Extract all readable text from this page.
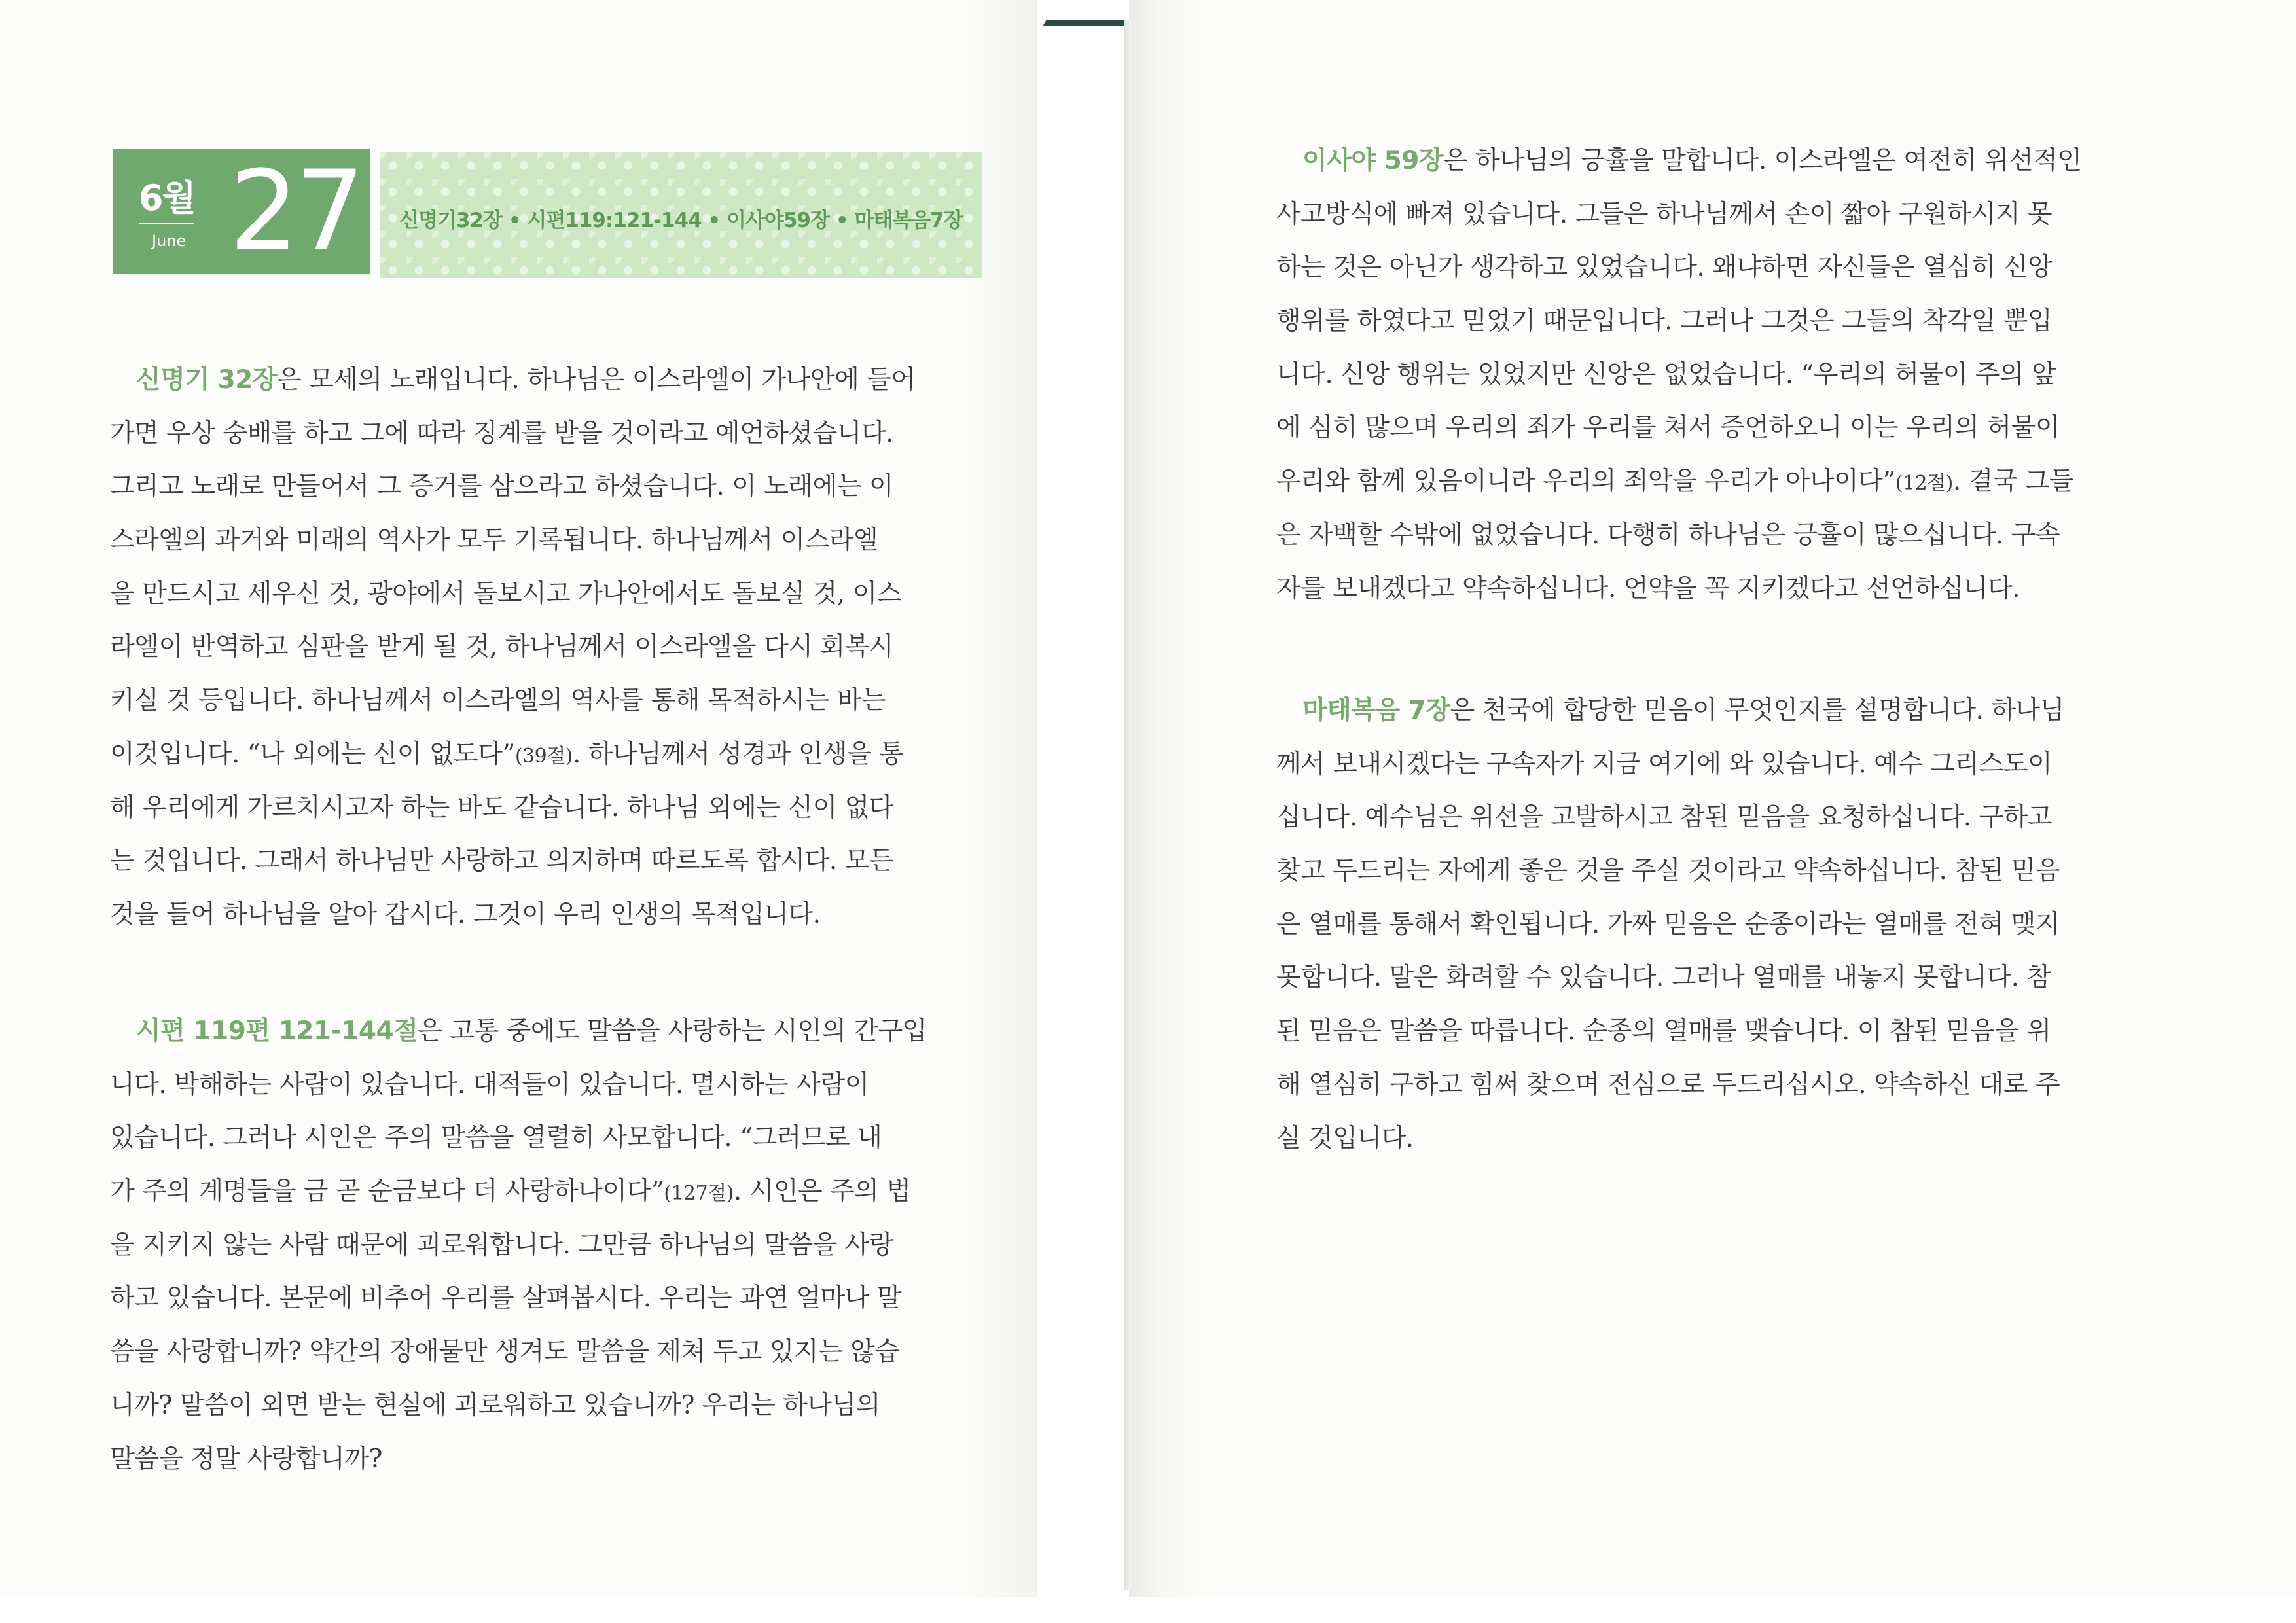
6월
June 27 신명기32장 • 시편119:121-144 • 이사야59장 • 마태복음7장
신명기 32장은 모세의 노래입니다. 하나님은 이스라엘이 가나안에 들어
가면 우상 숭배를 하고 그에 따라 징계를 받을 것이라고 예언하셨습니다.
그리고 노래로 만들어서 그 증거를 삼으라고 하셨습니다. 이 노래에는 이
스라엘의 과거와 미래의 역사가 모두 기록됩니다. 하나님께서 이스라엘
을 만드시고 세우신 것, 광야에서 돌보시고 가나안에서도 돌보실 것, 이스
라엘이 반역하고 심판을 받게 될 것, 하나님께서 이스라엘을 다시 회복시
키실 것 등입니다. 하나님께서 이스라엘의 역사를 통해 목적하시는 바는
이것입니다. “나 외에는 신이 없도다”(39절). 하나님께서 성경과 인생을 통
해 우리에게 가르치시고자 하는 바도 같습니다. 하나님 외에는 신이 없다
는 것입니다. 그래서 하나님만 사랑하고 의지하며 따르도록 합시다. 모든
것을 들어 하나님을 알아 갑시다. 그것이 우리 인생의 목적입니다.
시편 119편 121-144절은 고통 중에도 말씀을 사랑하는 시인의 간구입
니다. 박해하는 사람이 있습니다. 대적들이 있습니다. 멸시하는 사람이
있습니다. 그러나 시인은 주의 말씀을 열렬히 사모합니다. “그러므로 내
가 주의 계명들을 금 곧 순금보다 더 사랑하나이다”(127절). 시인은 주의 법
을 지키지 않는 사람 때문에 괴로워합니다. 그만큼 하나님의 말씀을 사랑
하고 있습니다. 본문에 비추어 우리를 살펴봅시다. 우리는 과연 얼마나 말
씀을 사랑합니까? 약간의 장애물만 생겨도 말씀을 제쳐 두고 있지는 않습
니까? 말씀이 외면 받는 현실에 괴로워하고 있습니까? 우리는 하나님의
말씀을 정말 사랑합니까?
이사야 59장은 하나님의 긍휼을 말합니다. 이스라엘은 여전히 위선적인
사고방식에 빠져 있습니다. 그들은 하나님께서 손이 짧아 구원하시지 못
하는 것은 아닌가 생각하고 있었습니다. 왜냐하면 자신들은 열심히 신앙
행위를 하였다고 믿었기 때문입니다. 그러나 그것은 그들의 착각일 뿐입
니다. 신앙 행위는 있었지만 신앙은 없었습니다. “우리의 허물이 주의 앞
에 심히 많으며 우리의 죄가 우리를 쳐서 증언하오니 이는 우리의 허물이
우리와 함께 있음이니라 우리의 죄악을 우리가 아나이다”(12절). 결국 그들
은 자백할 수밖에 없었습니다. 다행히 하나님은 긍휼이 많으십니다. 구속
자를 보내겠다고 약속하십니다. 언약을 꼭 지키겠다고 선언하십니다.
마태복음 7장은 천국에 합당한 믿음이 무엇인지를 설명합니다. 하나님
께서 보내시겠다는 구속자가 지금 여기에 와 있습니다. 예수 그리스도이
십니다. 예수님은 위선을 고발하시고 참된 믿음을 요청하십니다. 구하고
찾고 두드리는 자에게 좋은 것을 주실 것이라고 약속하십니다. 참된 믿음
은 열매를 통해서 확인됩니다. 가짜 믿음은 순종이라는 열매를 전혀 맺지
못합니다. 말은 화려할 수 있습니다. 그러나 열매를 내놓지 못합니다. 참
된 믿음은 말씀을 따릅니다. 순종의 열매를 맺습니다. 이 참된 믿음을 위
해 열심히 구하고 힘써 찾으며 전심으로 두드리십시오. 약속하신 대로 주
실 것입니다.
